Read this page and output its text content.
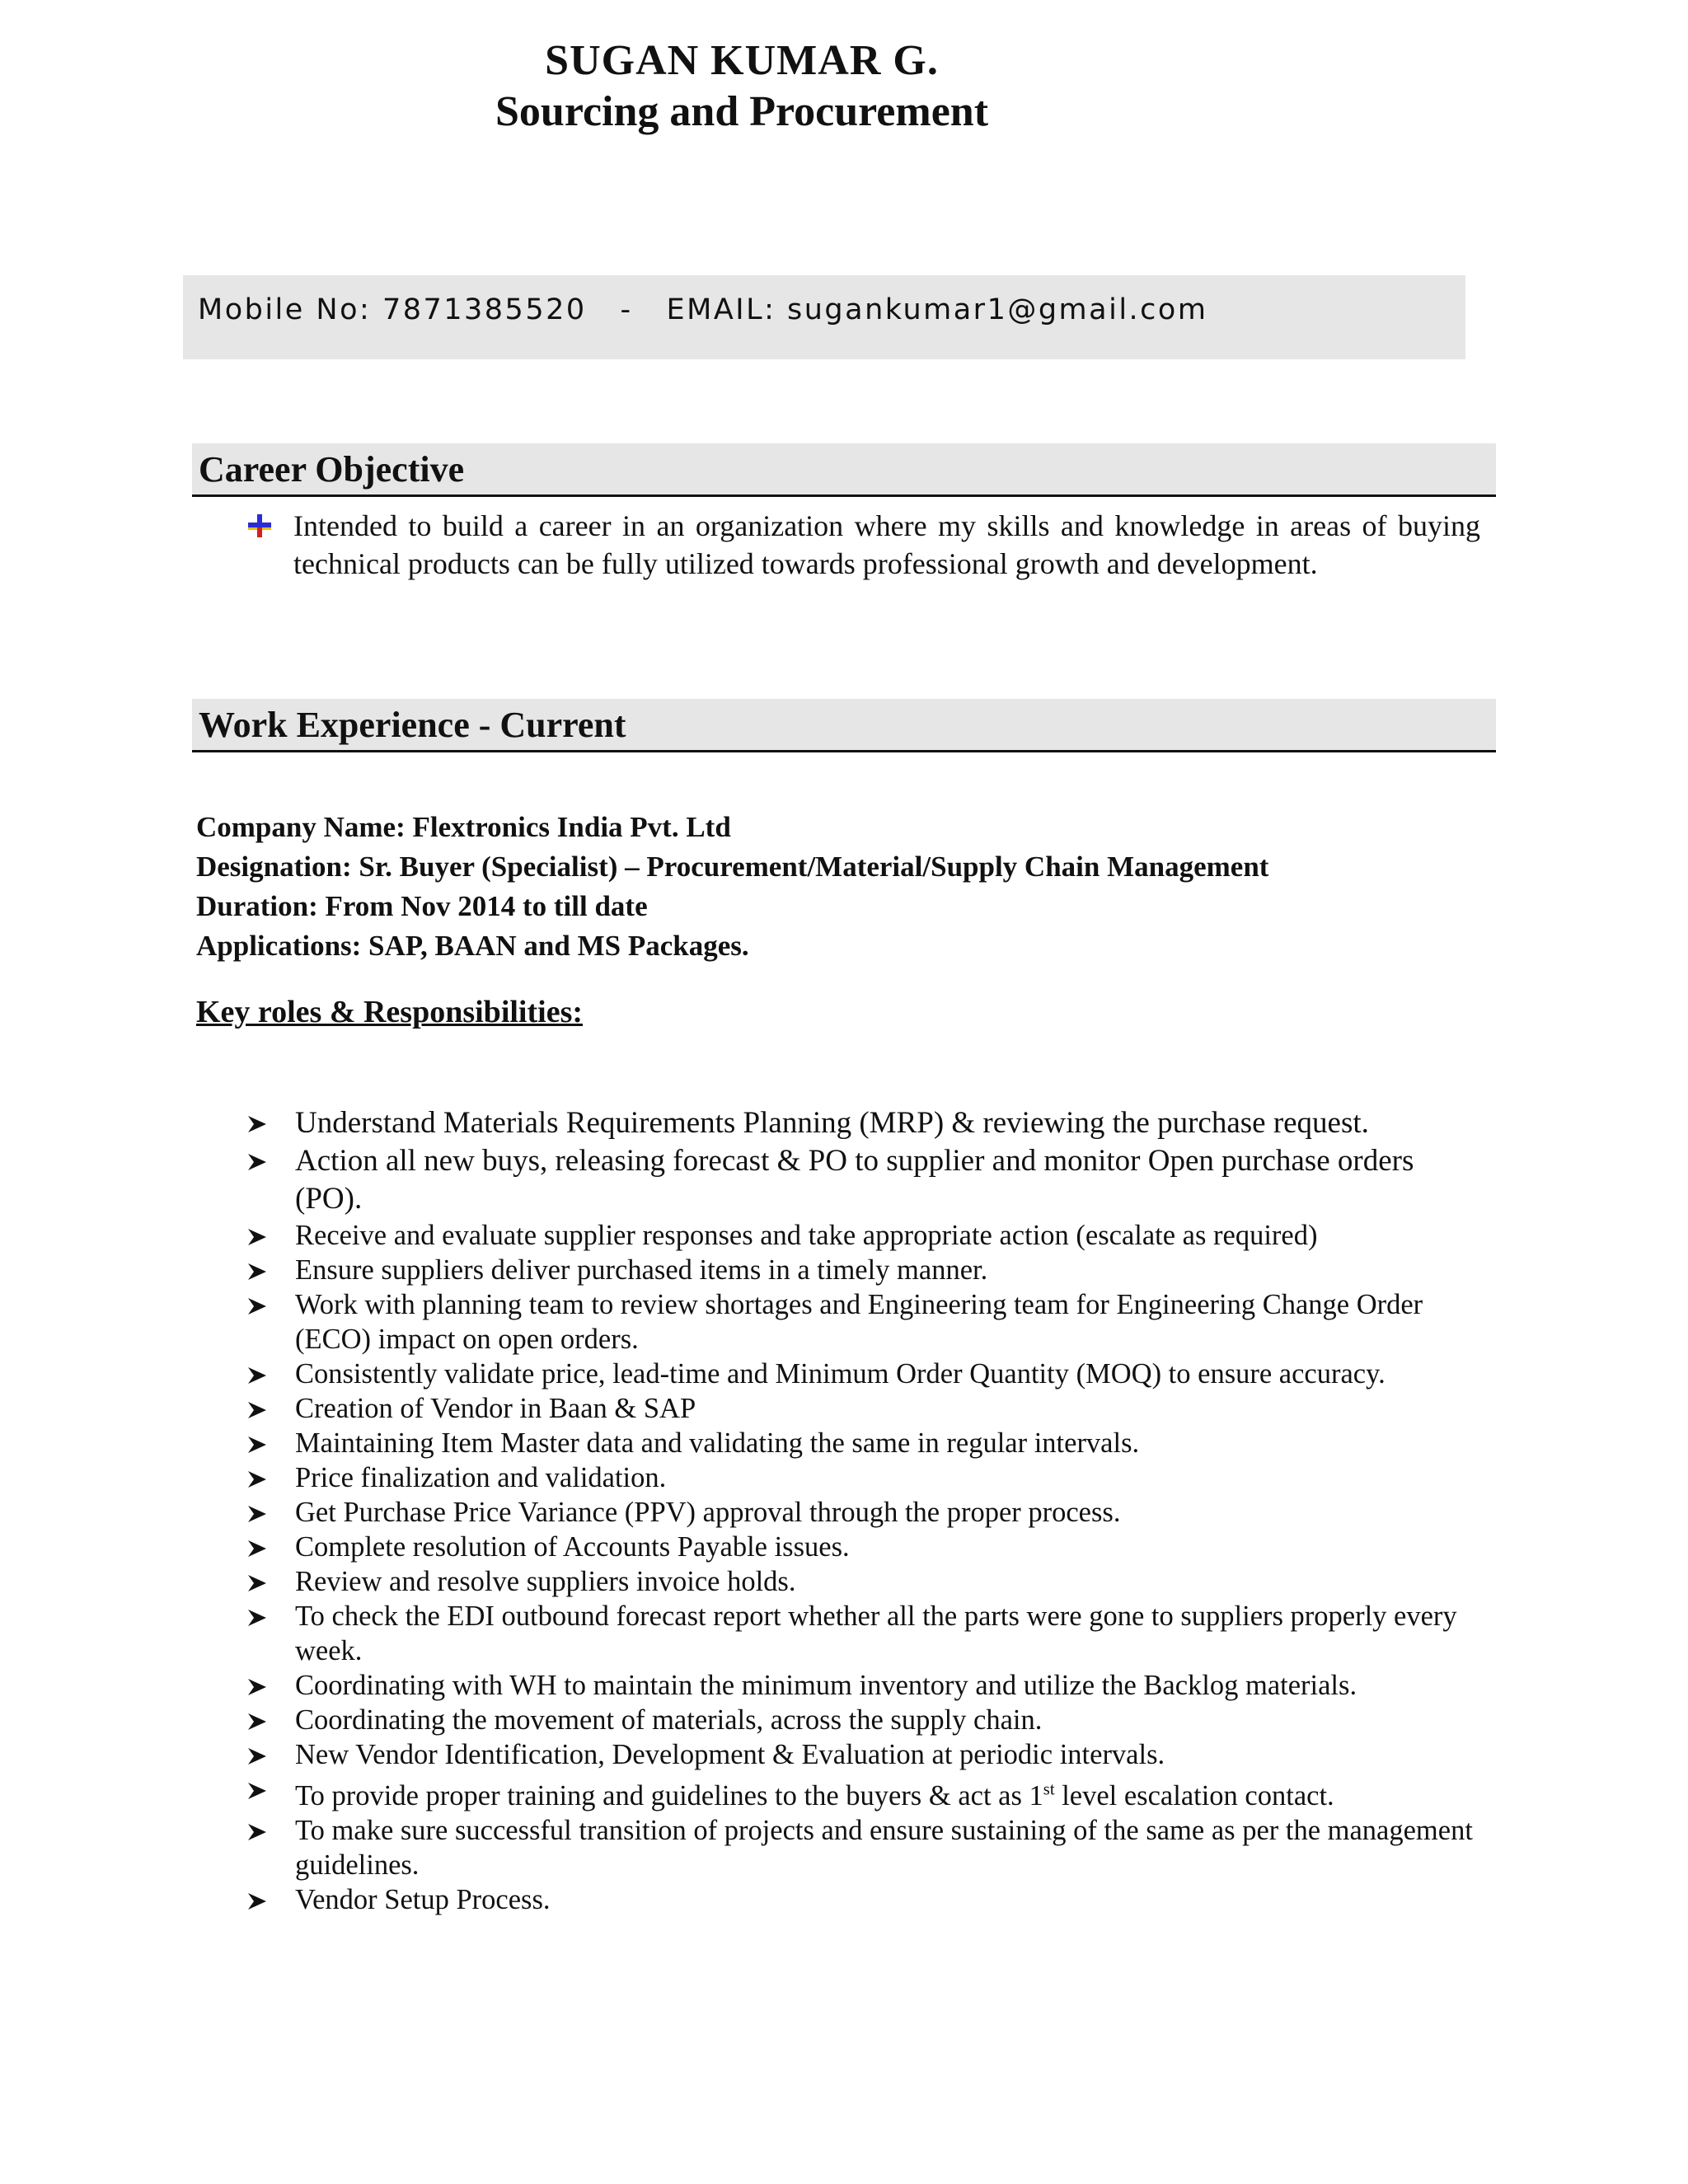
SUGAN KUMAR G.
Sourcing and Procurement
Mobile No: 7871385520   -   EMAIL: sugankumar1@gmail.com
Career Objective
Intended to build a career in an organization where my skills and knowledge in areas of buying technical products can be fully utilized towards professional growth and development.
Work Experience - Current
Company Name: Flextronics India Pvt. Ltd
Designation: Sr. Buyer (Specialist) – Procurement/Material/Supply Chain Management
Duration: From Nov 2014 to till date
Applications: SAP, BAAN and MS Packages.
Key roles & Responsibilities:
Understand Materials Requirements Planning (MRP) & reviewing the purchase request.
Action all new buys, releasing forecast & PO to supplier and monitor Open purchase orders (PO).
Receive and evaluate supplier responses and take appropriate action (escalate as required)
Ensure suppliers deliver purchased items in a timely manner.
Work with planning team to review shortages and Engineering team for Engineering Change Order (ECO) impact on open orders.
Consistently validate price, lead-time and Minimum Order Quantity (MOQ) to ensure accuracy.
Creation of Vendor in Baan & SAP
Maintaining Item Master data and validating the same in regular intervals.
Price finalization and validation.
Get Purchase Price Variance (PPV) approval through the proper process.
Complete resolution of Accounts Payable issues.
Review and resolve suppliers invoice holds.
To check the EDI outbound forecast report whether all the parts were gone to suppliers properly every week.
Coordinating with WH to maintain the minimum inventory and utilize the Backlog materials.
Coordinating the movement of materials, across the supply chain.
New Vendor Identification, Development & Evaluation at periodic intervals.
To provide proper training and guidelines to the buyers & act as 1st level escalation contact.
To make sure successful transition of projects and ensure sustaining of the same as per the management guidelines.
Vendor Setup Process.
